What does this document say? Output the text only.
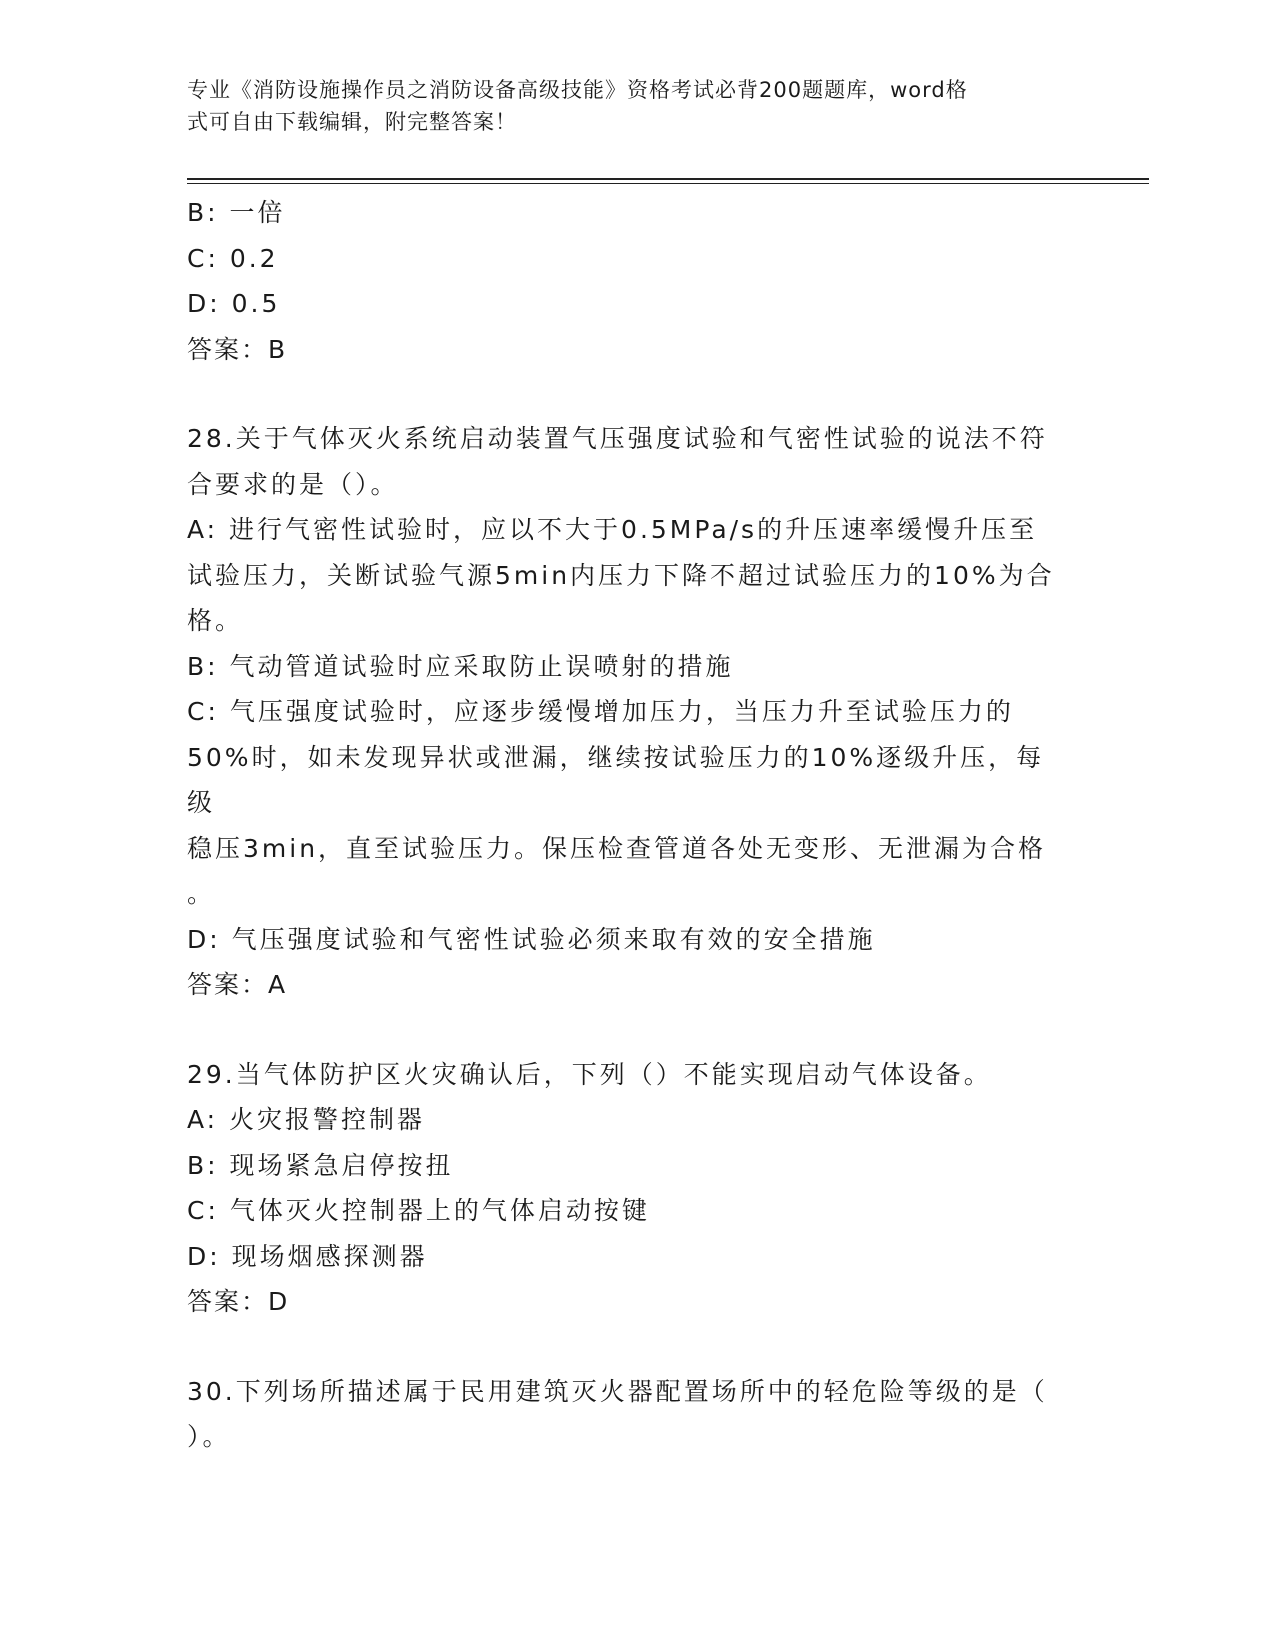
专业《消防设施操作员之消防设备高级技能》资格考试必背200题题库，word格
式可自由下载编辑，附完整答案！

B: 一倍

C: 0.2

D: 0.5

答案：B

28.关于气体灭火系统启动装置气压强度试验和气密性试验的说法不符

合要求的是（）。

A: 进行气密性试验时，应以不大于0.5MPa/s的升压速率缓慢升压至

试验压力，关断试验气源5min内压力下降不超过试验压力的10%为合

格。

B: 气动管道试验时应采取防止误喷射的措施

C: 气压强度试验时，应逐步缓慢增加压力，当压力升至试验压力的

50%时，如未发现异状或泄漏，继续按试验压力的10%逐级升压，每级

稳压3min，直至试验压力。保压检查管道各处无变形、无泄漏为合格

。

D: 气压强度试验和气密性试验必须来取有效的安全措施

答案：A

29.当气体防护区火灾确认后，下列（）不能实现启动气体设备。

A: 火灾报警控制器

B: 现场紧急启停按扭

C: 气体灭火控制器上的气体启动按键

D: 现场烟感探测器

答案：D

30.下列场所描述属于民用建筑灭火器配置场所中的轻危险等级的是（

）。
